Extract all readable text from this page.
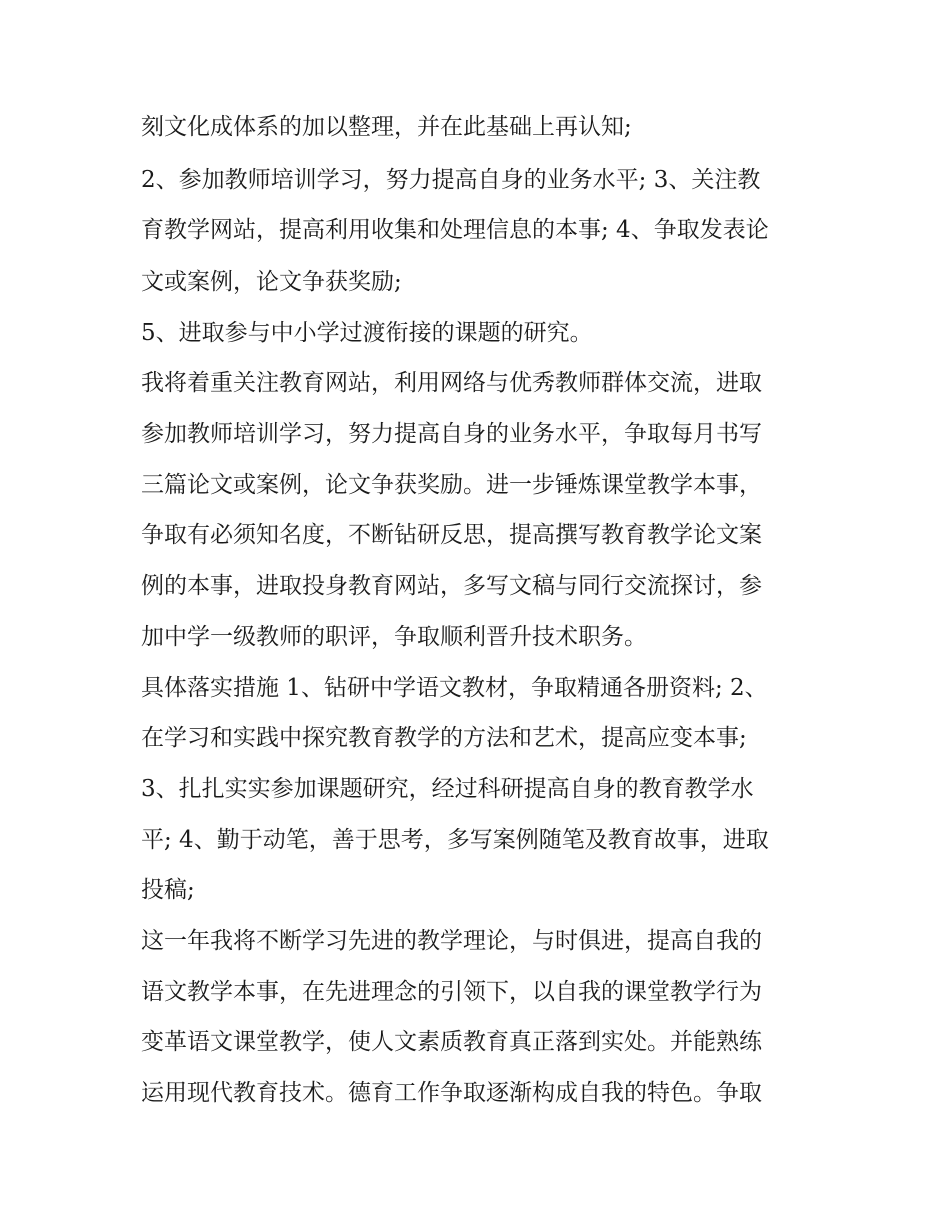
刻文化成体系的加以整理，并在此基础上再认知;
2、参加教师培训学习，努力提高自身的业务水平; 3、关注教
育教学网站，提高利用收集和处理信息的本事; 4、争取发表论
文或案例，论文争获奖励;
5、进取参与中小学过渡衔接的课题的研究。
我将着重关注教育网站，利用网络与优秀教师群体交流，进取
参加教师培训学习，努力提高自身的业务水平，争取每月书写
三篇论文或案例，论文争获奖励。进一步锤炼课堂教学本事，
争取有必须知名度，不断钻研反思，提高撰写教育教学论文案
例的本事，进取投身教育网站，多写文稿与同行交流探讨，参
加中学一级教师的职评，争取顺利晋升技术职务。
具体落实措施 1、钻研中学语文教材，争取精通各册资料; 2、
在学习和实践中探究教育教学的方法和艺术，提高应变本事;
3、扎扎实实参加课题研究，经过科研提高自身的教育教学水
平; 4、勤于动笔，善于思考，多写案例随笔及教育故事，进取
投稿;
这一年我将不断学习先进的教学理论，与时俱进，提高自我的
语文教学本事，在先进理念的引领下，以自我的课堂教学行为
变革语文课堂教学，使人文素质教育真正落到实处。并能熟练
运用现代教育技术。德育工作争取逐渐构成自我的特色。争取
